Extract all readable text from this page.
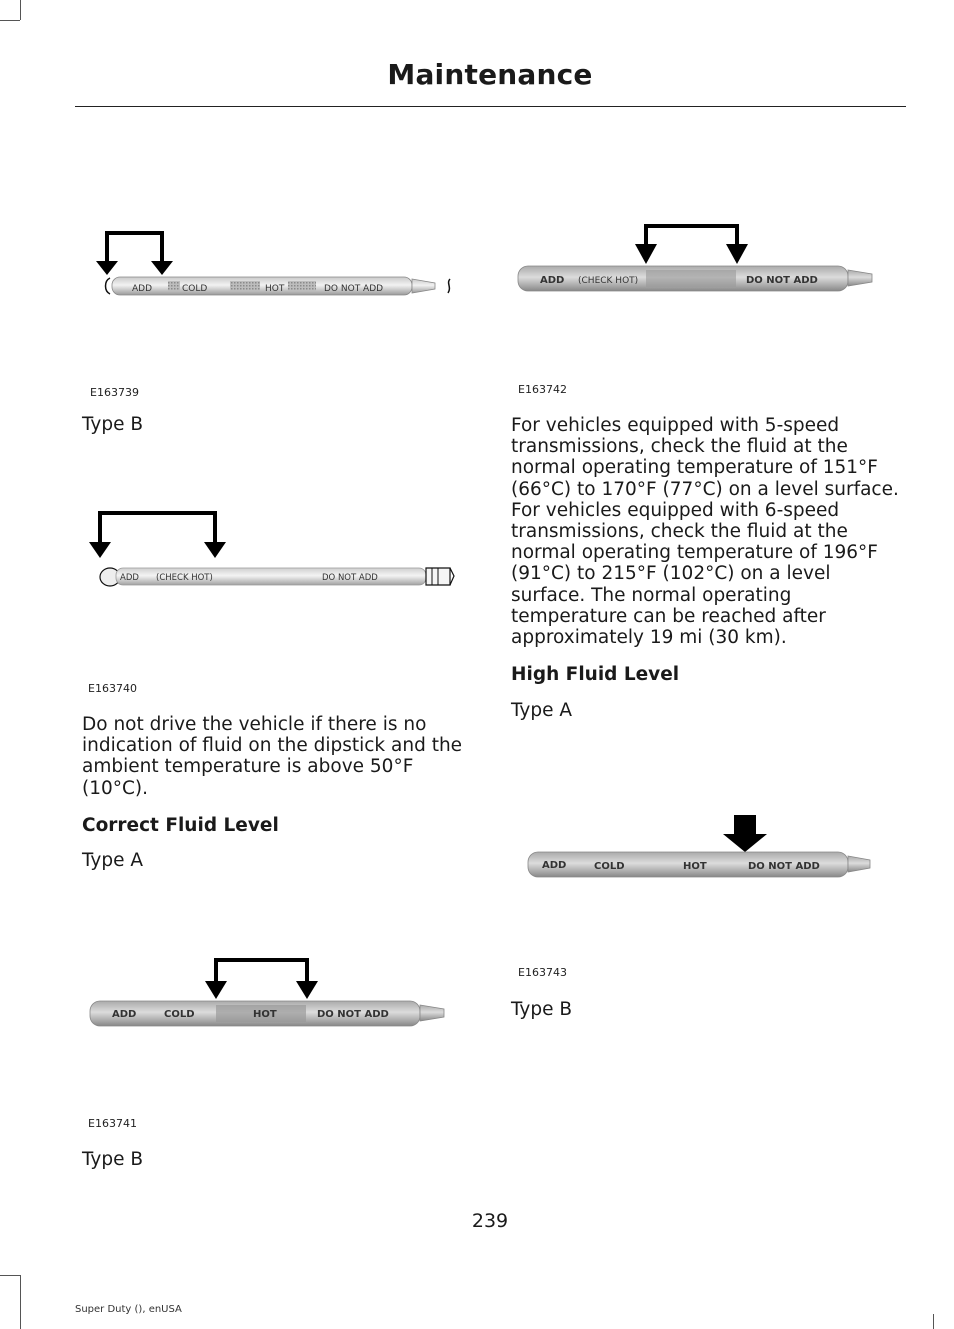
Maintenance
ADD	COLD	HOT	DO NOT ADD
E163739
Type B
ADD (CHECK HOT)	DO NOT ADD
E163740
Do not drive the vehicle if there is no indication of fluid on the dipstick and the ambient temperature is above 50°F (10°C).
Correct Fluid Level
Type A
ADD	COLD	HOT	DO NOT ADD
E163741
Type B
ADD (CHECK HOT)	DO NOT ADD
E163742
For vehicles equipped with 5-speed transmissions, check the fluid at the normal operating temperature of 151°F (66°C) to 170°F (77°C) on a level surface. For vehicles equipped with 6-speed transmissions, check the fluid at the normal operating temperature of 196°F (91°C) to 215°F (102°C) on a level surface. The normal operating temperature can be reached after approximately 19 mi (30 km).
High Fluid Level
Type A
ADD	COLD	HOT	DO NOT ADD
E163743
Type B
239
Super Duty (), enUSA
